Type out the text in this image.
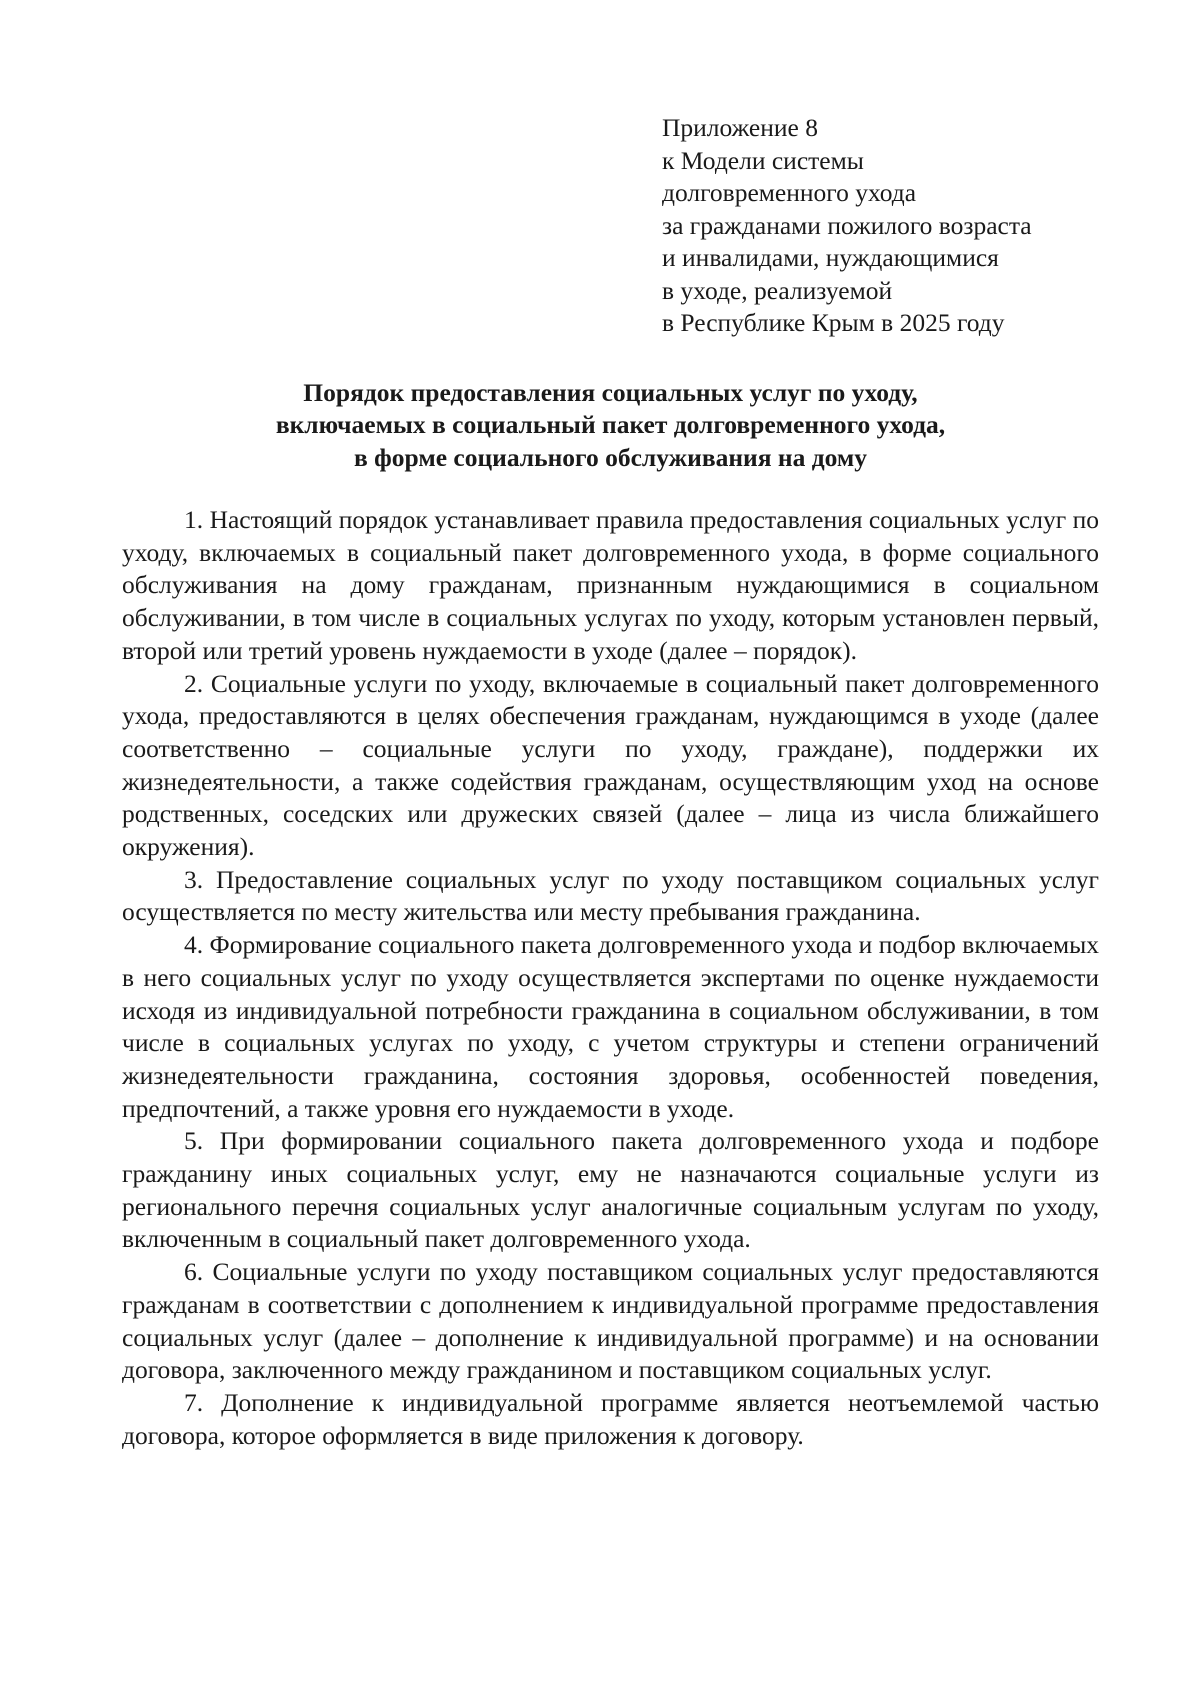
Приложение 8
к Модели системы
долговременного ухода
за гражданами пожилого возраста
и инвалидами, нуждающимися
в уходе, реализуемой
в Республике Крым в 2025 году
Порядок предоставления социальных услуг по уходу,
включаемых в социальный пакет долговременного ухода,
в форме социального обслуживания на дому

1. Настоящий порядок устанавливает правила предоставления социальных услуг по уходу, включаемых в социальный пакет долговременного ухода, в форме социального обслуживания на дому гражданам, признанным нуждающимися в социальном обслуживании, в том числе в социальных услугах по уходу, которым установлен первый, второй или третий уровень нуждаемости в уходе (далее – порядок).

2. Социальные услуги по уходу, включаемые в социальный пакет долговременного ухода, предоставляются в целях обеспечения гражданам, нуждающимся в уходе (далее соответственно – социальные услуги по уходу, граждане), поддержки их жизнедеятельности, а также содействия гражданам, осуществляющим уход на основе родственных, соседских или дружеских связей (далее – лица из числа ближайшего окружения).

3. Предоставление социальных услуг по уходу поставщиком социальных услуг осуществляется по месту жительства или месту пребывания гражданина.

4. Формирование социального пакета долговременного ухода и подбор включаемых в него социальных услуг по уходу осуществляется экспертами по оценке нуждаемости исходя из индивидуальной потребности гражданина в социальном обслуживании, в том числе в социальных услугах по уходу, с учетом структуры и степени ограничений жизнедеятельности гражданина, состояния здоровья, особенностей поведения, предпочтений, а также уровня его нуждаемости в уходе.

5. При формировании социального пакета долговременного ухода и подборе гражданину иных социальных услуг, ему не назначаются социальные услуги из регионального перечня социальных услуг аналогичные социальным услугам по уходу, включенным в социальный пакет долговременного ухода.

6. Социальные услуги по уходу поставщиком социальных услуг предоставляются гражданам в соответствии с дополнением к индивидуальной программе предоставления социальных услуг (далее – дополнение к индивидуальной программе) и на основании договора, заключенного между гражданином и поставщиком социальных услуг.

7. Дополнение к индивидуальной программе является неотъемлемой частью договора, которое оформляется в виде приложения к договору.
